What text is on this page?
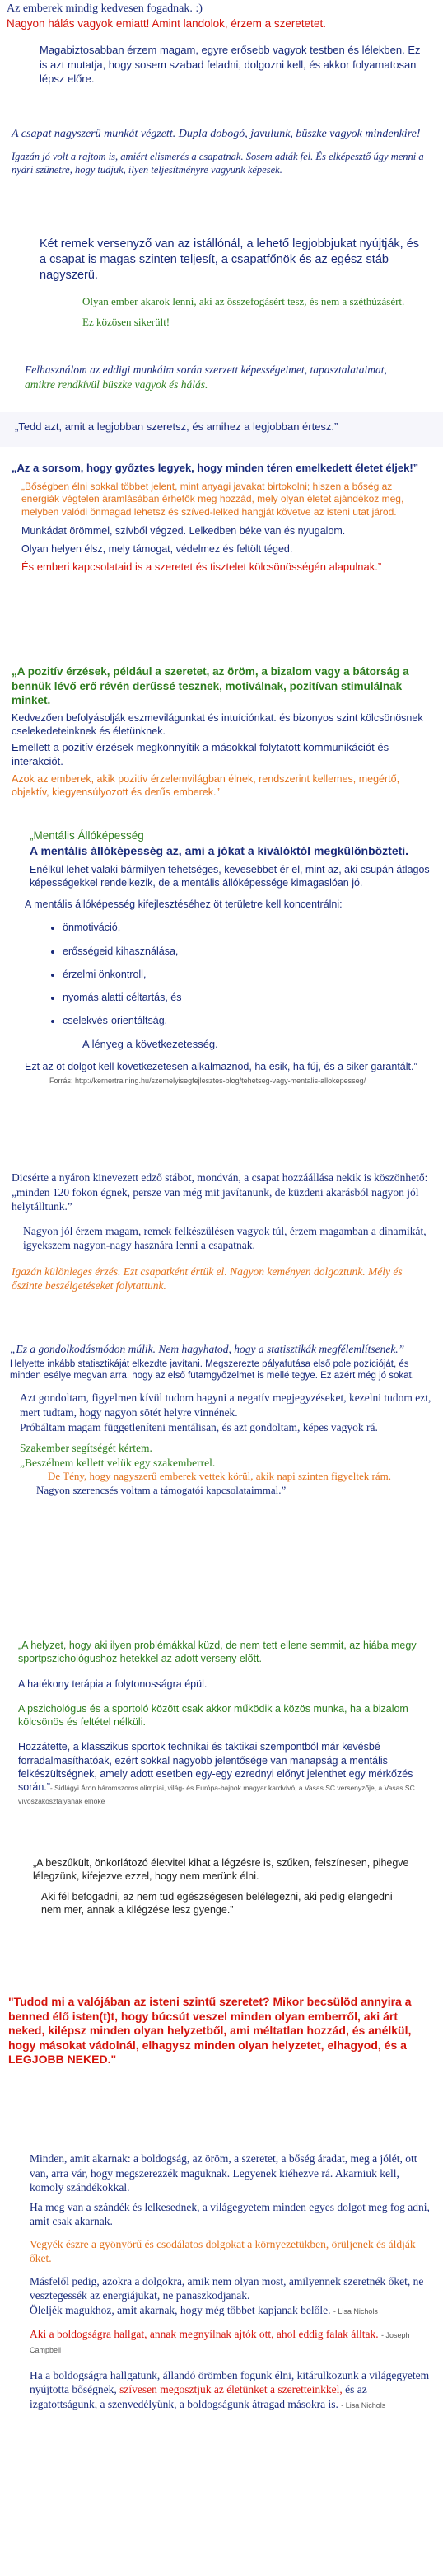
Az emberek mindig kedvesen fogadnak. :)

Nagyon hálás vagyok emiatt! Amint landolok, érzem a szeretetet.

Magabiztosabban érzem magam, egyre erősebb vagyok testben és lélekben. Ez is azt mutatja, hogy sosem szabad feladni, dolgozni kell, és akkor folyamatosan lépsz előre.

A csapat nagyszerű munkát végzett. Dupla dobogó, javulunk, büszke vagyok mindenkire!

Igazán jó volt a rajtom is, amiért elismerés a csapatnak. Sosem adták fel. És elképesztő úgy menni a nyári szünetre, hogy tudjuk, ilyen teljesítményre vagyunk képesek.

Két remek versenyző van az istállónál, a lehető legjobbjukat nyújtják, és a csapat is magas szinten teljesít, a csapatfőnök és az egész stáb nagyszerű.

Olyan ember akarok lenni, aki az összefogásért tesz, és nem a széthúzásért.

Ez közösen sikerült!

Felhasználom az eddigi munkáim során szerzett képességeimet, tapasztalataimat,

amikre rendkívül büszke vagyok és hálás.

„Tedd azt, amit a legjobban szeretsz, és amihez a legjobban értesz.”

„Az a sorsom, hogy győztes legyek, hogy minden téren emelkedett életet éljek!”

„Bőségben élni sokkal többet jelent, mint anyagi javakat birtokolni; hiszen a bőség az energiák végtelen áramlásában érhetők meg hozzád, mely olyan életet ajándékoz meg, melyben valódi önmagad lehetsz és szíved-lelked hangját követve az isteni utat járod.

Munkádat örömmel, szívből végzed. Lelkedben béke van és nyugalom.

Olyan helyen élsz, mely támogat, védelmez és feltölt téged.

És emberi kapcsolataid is a szeretet és tisztelet kölcsönösségén alapulnak.”

„A pozitív érzések, például a szeretet, az öröm, a bizalom vagy a bátorság a bennük lévő erő révén derűssé tesznek, motiválnak, pozitívan stimulálnak minket.

Kedvezően befolyásolják eszmevilágunkat és intuíciónkat. és bizonyos szint kölcsönösnek cselekedeteinknek és életünknek.

Emellett a pozitív érzések megkönnyítik a másokkal folytatott kommunikációt és interakciót.

Azok az emberek, akik pozitív érzelemvilágban élnek, rendszerint kellemes, megértő, objektív, kiegyensúlyozott és derűs emberek.”

„Mentális Állóképesség

A mentális állóképesség az, ami a jókat a kiválóktól megkülönbözteti.

Enélkül lehet valaki bármilyen tehetséges, kevesebbet ér el, mint az, aki csupán átlagos képességekkel rendelkezik, de a mentális állóképessége kimagaslóan jó.

A mentális állóképesség kifejlesztéséhez öt területre kell koncentrálni:

• önmotiváció,
• erősségeid kihasználása,
• érzelmi önkontroll,
• nyomás alatti céltartás, és
• cselekvés-orientáltság.

A lényeg a következetesség.

Ezt az öt dolgot kell következetesen alkalmaznod, ha esik, ha fúj, és a siker garantált.”

Forrás: http://kernertraining.hu/szemelyisegfejlesztes-blog/tehetseg-vagy-mentalis-allokepesseg/

Dicsérte a nyáron kinevezett edző stábot, mondván, a csapat hozzáállása nekik is köszönhető: „minden 120 fokon égnek, persze van még mit javítanunk, de küzdeni akarásból nagyon jól helytálltunk.”

Nagyon jól érzem magam, remek felkészülésen vagyok túl, érzem magamban a dinamikát, igyekszem nagyon-nagy hasznára lenni a csapatnak.

Igazán különleges érzés. Ezt csapatként értük el. Nagyon keményen dolgoztunk. Mély és őszinte beszélgetéseket folytattunk.

„Ez a gondolkodásmódon múlik. Nem hagyhatod, hogy a statisztikák megfélemlítsenek.”

Helyette inkább statisztikáját elkezdte javítani. Megszerezte pályafutása első pole pozícióját, és minden esélye megvan arra, hogy az első futamgyőzelmet is mellé tegye. Ez azért még jó sokat.

Azt gondoltam, figyelmen kívül tudom hagyni a negatív megjegyzéseket, kezelni tudom ezt, mert tudtam, hogy nagyon sötét helyre vinnének.

Próbáltam magam függetleníteni mentálisan, és azt gondoltam, képes vagyok rá.

Szakember segítségét kértem.

„Beszélnem kellett velük egy szakemberrel.

De Tény, hogy nagyszerű emberek vettek körül, akik napi szinten figyeltek rám.

Nagyon szerencsés voltam a támogatói kapcsolataimmal.”

„A helyzet, hogy aki ilyen problémákkal küzd, de nem tett ellene semmit, az hiába megy sportpszichológushoz hetekkel az adott verseny előtt.

A hatékony terápia a folytonosságra épül.

A pszichológus és a sportoló között csak akkor működik a közös munka, ha a bizalom kölcsönös és feltétel nélküli.

Hozzátette, a klasszikus sportok technikai és taktikai szempontból már kevésbé forradalmasíthatóak, ezért sokkal nagyobb jelentősége van manapság a mentális felkészültségnek, amely adott esetben egy-egy ezrednyi előnyt jelenthet egy mérkőzés során.”- Sidlágyi Áron háromszoros olimpiai, világ- és Európa-bajnok magyar kardvívó, a Vasas SC versenyzője, a Vasas SC vívószakosztályának elnöke

„A beszűkült, önkorlátozó életvitel kihat a légzésre is, szűken, felszínesen, pihegve lélegzünk, kifejezve ezzel, hogy nem merünk élni.

Aki fél befogadni, az nem tud egészségesen belélegezni, aki pedig elengedni nem mer, annak a kilégzése lesz gyenge.”

"Tudod mi a valójában az isteni szintű szeretet? Mikor becsülöd annyira a benned élő isten(t)t, hogy búcsút veszel minden olyan emberről, aki árt neked, kilépsz minden olyan helyzetből, ami méltatlan hozzád, és anélkül, hogy másokat vádolnál, elhagysz minden olyan helyzetet, elhagyod, és a LEGJOBB NEKED."

Minden, amit akarnak: a boldogság, az öröm, a szeretet, a bőség áradat, meg a jólét, ott van, arra vár, hogy megszerezzék maguknak. Legyenek kiéhezve rá. Akarniuk kell, komoly szándékokkal.

Ha meg van a szándék és lelkesednek, a világegyetem minden egyes dolgot meg fog adni, amit csak akarnak.

Vegyék észre a gyönyörű és csodálatos dolgokat a környezetükben, örüljenek és áldják őket.

Másfelől pedig, azokra a dolgokra, amik nem olyan most, amilyennek szeretnék őket, ne vesztegessék az energiájukat, ne panaszkodjanak.

Öleljék magukhoz, amit akarnak, hogy még többet kapjanak belőle. - Lisa Nichols

Aki a boldogságra hallgat, annak megnyílnak ajtók ott, ahol eddig falak álltak. - Joseph Campbell

Ha a boldogságra hallgatunk, állandó örömben fogunk élni, kitárulkozunk a világegyetem nyújtotta bőségnek, szívesen megosztjuk az életünket a szeretteinkkel, és az izgatottságunk, a szenvedélyünk, a boldogságunk átragad másokra is. - Lisa Nichols
